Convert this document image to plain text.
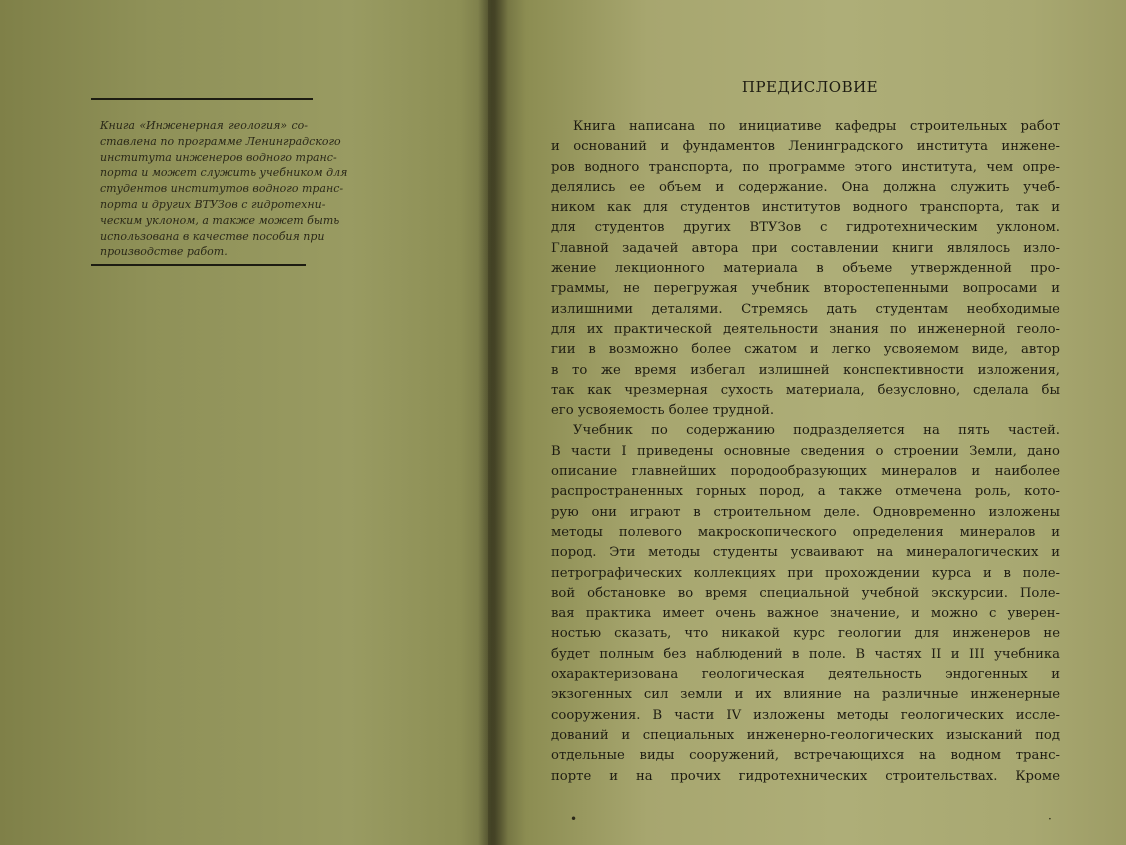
Книга «Инженерная геология» со-
ставлена по программе Ленинградского
института инженеров водного транс-
порта и может служить учебником для
студентов институтов водного транс-
порта и других ВТУЗов с гидротехни-
ческим уклоном, а также может быть
использована в качестве пособия при
производстве работ.
ПРЕДИСЛОВИЕ
Книга написана по инициативе кафедры строительных работ
и оснований и фундаментов Ленинградского института инжене-
ров водного транспорта, по программе этого института, чем опре-
делялись ее объем и содержание. Она должна служить учеб-
ником как для студентов институтов водного транспорта, так и
для студентов других ВТУЗов с гидротехническим уклоном.
Главной задачей автора при составлении книги являлось изло-
жение лекционного материала в объеме утвержденной про-
граммы, не перегружая учебник второстепенными вопросами и
излишними деталями. Стремясь дать студентам необходимые
для их практической деятельности знания по инженерной геоло-
гии в возможно более сжатом и легко усвояемом виде, автор
в то же время избегал излишней конспективности изложения,
так как чрезмерная сухость материала, безусловно, сделала бы
его усвояемость более трудной.
Учебник по содержанию подразделяется на пять частей.
В части I приведены основные сведения о строении Земли, дано
описание главнейших породообразующих минералов и наиболее
распространенных горных пород, а также отмечена роль, кото-
рую они играют в строительном деле. Одновременно изложены
методы полевого макроскопического определения минералов и
пород. Эти методы студенты усваивают на минералогических и
петрографических коллекциях при прохождении курса и в поле-
вой обстановке во время специальной учебной экскурсии. Поле-
вая практика имеет очень важное значение, и можно с уверен-
ностью сказать, что никакой курс геологии для инженеров не
будет полным без наблюдений в поле. В частях II и III учебника
охарактеризована геологическая деятельность эндогенных и
экзогенных сил земли и их влияние на различные инженерные
сооружения. В части IV изложены методы геологических иссле-
дований и специальных инженерно-геологических изысканий под
отдельные виды сооружений, встречающихся на водном транс-
порте и на прочих гидротехнических строительствах. Кроме
•	·
